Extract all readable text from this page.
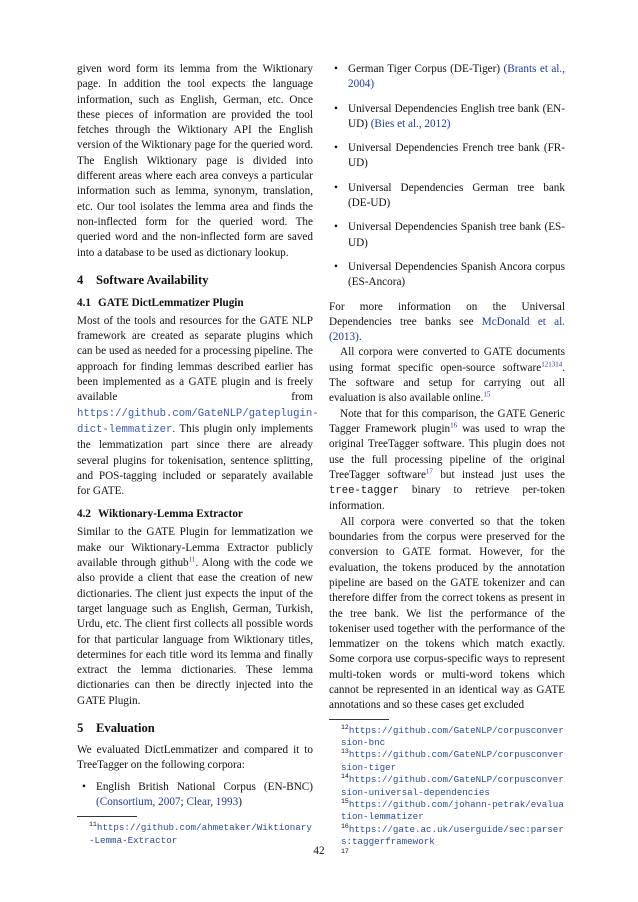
given word form its lemma from the Wiktionary page. In addition the tool expects the language information, such as English, German, etc. Once these pieces of information are provided the tool fetches through the Wiktionary API the English version of the Wiktionary page for the queried word. The English Wiktionary page is divided into different areas where each area conveys a particular information such as lemma, synonym, translation, etc. Our tool isolates the lemma area and finds the non-inflected form for the queried word. The queried word and the non-inflected form are saved into a database to be used as dictionary lookup.

4 Software Availability
4.1 GATE DictLemmatizer Plugin

Most of the tools and resources for the GATE NLP framework are created as separate plugins which can be used as needed for a processing pipeline. The approach for finding lemmas described earlier has been implemented as a GATE plugin and is freely available from https://github.com/GateNLP/gateplugin-dict-lemmatizer. This plugin only implements the lemmatization part since there are already several plugins for tokenisation, sentence splitting, and POS-tagging included or separately available for GATE.

4.2 Wiktionary-Lemma Extractor

Similar to the GATE Plugin for lemmatization we make our Wiktionary-Lemma Extractor publicly available through github$^{11}$. Along with the code we also provide a client that ease the creation of new dictionaries. The client just expects the input of the target language such as English, German, Turkish, Urdu, etc. The client first collects all possible words for that particular language from Wiktionary titles, determines for each title word its lemma and finally extract the lemma dictionaries. These lemma dictionaries can then be directly injected into the GATE Plugin.

5 Evaluation

We evaluated DictLemmatizer and compared it to TreeTagger on the following corpora:

• English British National Corpus (EN-BNC) (Consortium, 2007; Clear, 1993)
$^{11}$https://github.com/ahmetaker/Wiktionary-Lemma-Extractor
• German Tiger Corpus (DE-Tiger) (Brants et al., 2004)
• Universal Dependencies English tree bank (EN-UD) (Bies et al., 2012)
• Universal Dependencies French tree bank (FR-UD)
• Universal Dependencies German tree bank (DE-UD)
• Universal Dependencies Spanish tree bank (ES-UD)
• Universal Dependencies Spanish Ancora corpus (ES-Ancora)

For more information on the Universal Dependencies tree banks see McDonald et al. (2013).

All corpora were converted to GATE documents using format specific open-source software$^{121314}$. The software and setup for carrying out all evaluation is also available online.$^{15}$

Note that for this comparison, the GATE Generic Tagger Framework plugin$^{16}$ was used to wrap the original TreeTagger software. This plugin does not use the full processing pipeline of the original TreeTagger software$^{17}$ but instead just uses the tree-tagger binary to retrieve per-token information.

All corpora were converted so that the token boundaries from the corpus were preserved for the conversion to GATE format. However, for the evaluation, the tokens produced by the annotation pipeline are based on the GATE tokenizer and can therefore differ from the correct tokens as present in the tree bank. We list the performance of the tokeniser used together with the performance of the lemmatizer on the tokens which match exactly. Some corpora use corpus-specific ways to represent multi-token words or multi-word tokens which cannot be represented in an identical way as GATE annotations and so these cases get excluded

$^{12}$https://github.com/GateNLP/corpusconversion-bnc
$^{13}$https://github.com/GateNLP/corpusconversion-tiger
$^{14}$https://github.com/GateNLP/corpusconversion-universal-dependencies
$^{15}$https://github.com/johann-petrak/evaluation-lemmatizer
$^{16}$https://gate.ac.uk/userguide/sec:parsers:taggerframework
$^{17}$
42
